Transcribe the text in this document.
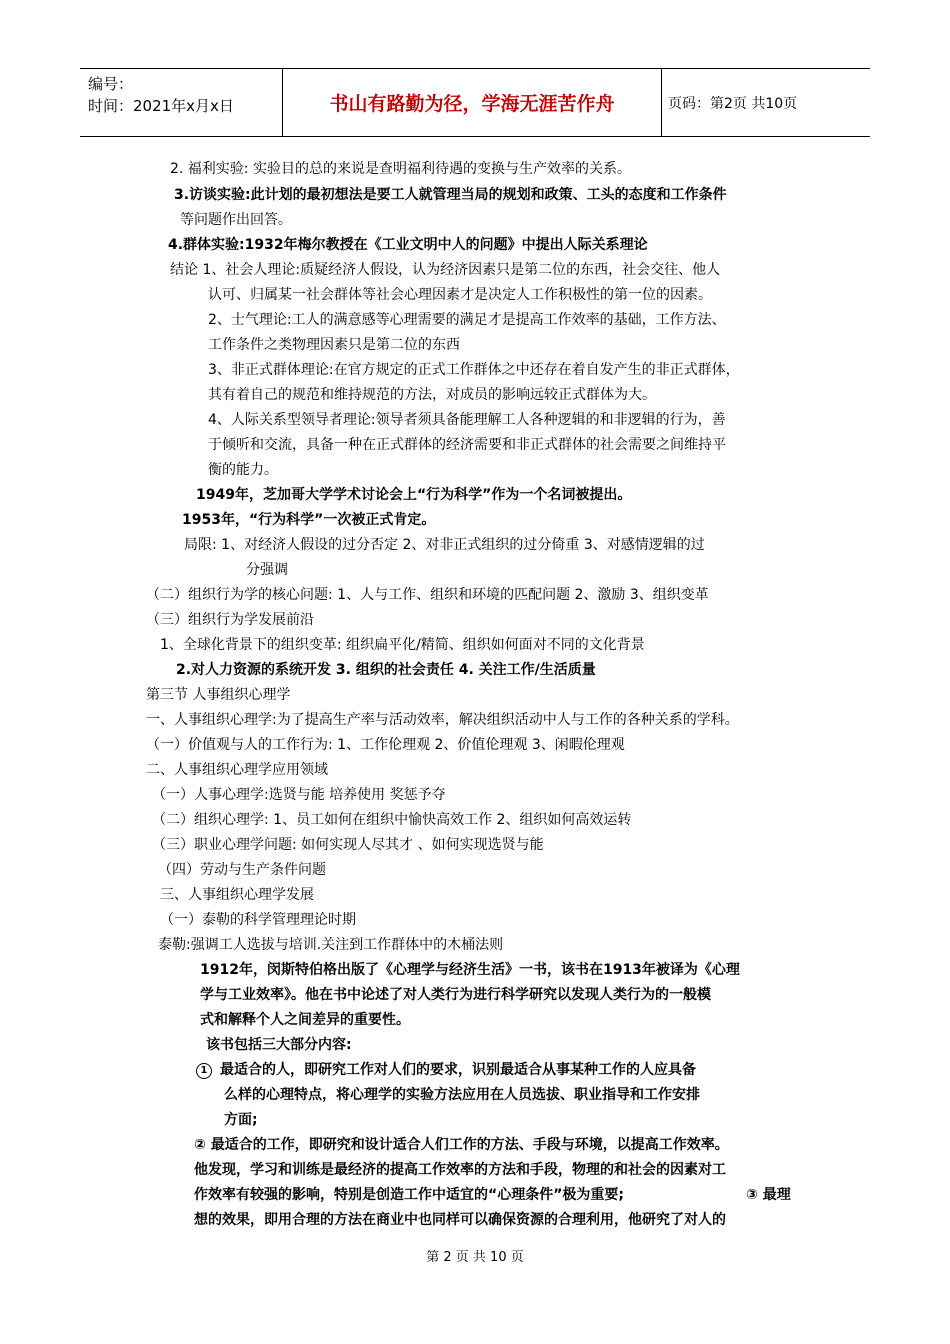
编号：
时间：2021年x月x日	书山有路勤为径，学海无涯苦作舟	页码：第2页 共10页
2. 福利实验: 实验目的总的来说是查明福利待遇的变换与生产效率的关系。
3.访谈实验:此计划的最初想法是要工人就管理当局的规划和政策、工头的态度和工作条件
等问题作出回答。
4.群体实验:1932年梅尔教授在《工业文明中人的问题》中提出人际关系理论
结论 1、社会人理论:质疑经济人假设，认为经济因素只是第二位的东西，社会交往、他人
认可、归属某一社会群体等社会心理因素才是决定人工作积极性的第一位的因素。
2、士气理论:工人的满意感等心理需要的满足才是提高工作效率的基础，工作方法、
工作条件之类物理因素只是第二位的东西
3、非正式群体理论:在官方规定的正式工作群体之中还存在着自发产生的非正式群体，
其有着自己的规范和维持规范的方法，对成员的影响远较正式群体为大。
4、人际关系型领导者理论:领导者须具备能理解工人各种逻辑的和非逻辑的行为，善
于倾听和交流，具备一种在正式群体的经济需要和非正式群体的社会需要之间维持平
衡的能力。
1949年，芝加哥大学学术讨论会上“行为科学”作为一个名词被提出。
1953年，“行为科学”一次被正式肯定。
局限: 1、对经济人假设的过分否定 2、对非正式组织的过分倚重 3、对感情逻辑的过
分强调
（二）组织行为学的核心问题: 1、人与工作、组织和环境的匹配问题 2、激励 3、组织变革
（三）组织行为学发展前沿
1、全球化背景下的组织变革: 组织扁平化/精简、组织如何面对不同的文化背景
2.对人力资源的系统开发 3. 组织的社会责任 4. 关注工作/生活质量
第三节 人事组织心理学
一、人事组织心理学:为了提高生产率与活动效率，解决组织活动中人与工作的各种关系的学科。
（一）价值观与人的工作行为: 1、工作伦理观 2、价值伦理观 3、闲暇伦理观
二、人事组织心理学应用领域
（一）人事心理学:选贤与能 培养使用 奖惩予夺
（二）组织心理学: 1、员工如何在组织中愉快高效工作 2、组织如何高效运转
（三）职业心理学问题: 如何实现人尽其才 、如何实现选贤与能
（四）劳动与生产条件问题
三、人事组织心理学发展
（一）泰勒的科学管理理论时期
泰勒:强调工人选拔与培训.关注到工作群体中的木桶法则
1912年，闵斯特伯格出版了《心理学与经济生活》一书，该书在1913年被译为《心理
学与工业效率》。他在书中论述了对人类行为进行科学研究以发现人类行为的一般模
式和解释个人之间差异的重要性。
该书包括三大部分内容:
1 最适合的人，即研究工作对人们的要求，识别最适合从事某种工作的人应具备
么样的心理特点，将心理学的实验方法应用在人员选拔、职业指导和工作安排
方面;
② 最适合的工作，即研究和设计适合人们工作的方法、手段与环境，以提高工作效率。
他发现，学习和训练是最经济的提高工作效率的方法和手段，物理的和社会的因素对工
作效率有较强的影响，特别是创造工作中适宜的“心理条件”极为重要;	③ 最理
想的效果，即用合理的方法在商业中也同样可以确保资源的合理利用，他研究了对人的
第 2 页 共 10 页
